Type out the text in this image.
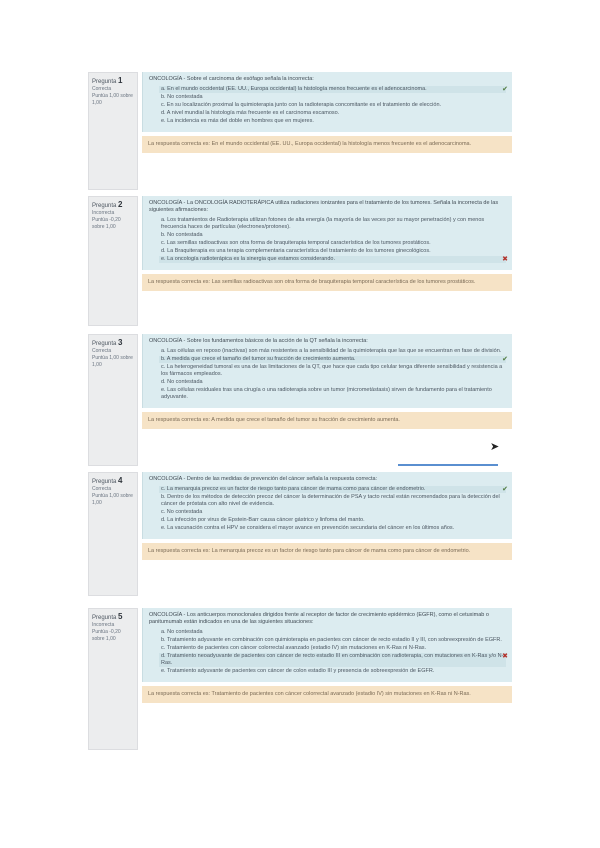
Pregunta 1
Correcta
Puntúa 1,00 sobre 1,00
ONCOLOGÍA - Sobre el carcinoma de esófago señala la incorrecta:
a. En el mundo occidental (EE. UU., Europa occidental) la histología menos frecuente es el adenocarcinoma.	✔
b. No contestada
c. En su localización proximal la quimioterapia junto con la radioterapia concomitante es el tratamiento de elección.
d. A nivel mundial la histología más frecuente es el carcinoma escamoso.
e. La incidencia es más del doble en hombres que en mujeres.
La respuesta correcta es: En el mundo occidental (EE. UU., Europa occidental) la histología menos frecuente es el adenocarcinoma.
Pregunta 2
Incorrecta
Puntúa -0,20 sobre 1,00
ONCOLOGÍA - La ONCOLOGÍA RADIOTERÁPICA utiliza radiaciones ionizantes para el tratamiento de los tumores. Señala la incorrecta de las siguientes afirmaciones:
a. Los tratamientos de Radioterapia utilizan fotones de alta energía (la mayoría de las veces por su mayor penetración) y con menos frecuencia haces de partículas (electrones/protones).
b. No contestada
c. Las semillas radioactivas son otra forma de braquiterapia temporal característica de los tumores prostáticos.
d. La Braquiterapia es una terapia complementaria característica del tratamiento de los tumores ginecológicos.
e. La oncología radioterápica es la sinergia que estamos considerando.	✖
La respuesta correcta es: Las semillas radioactivas son otra forma de braquiterapia temporal característica de los tumores prostáticos.
Pregunta 3
Correcta
Puntúa 1,00 sobre 1,00
ONCOLOGÍA - Sobre los fundamentos básicos de la acción de la QT señala la incorrecta:
a. Las células en reposo (inactivas) son más resistentes a la sensibilidad de la quimioterapia que las que se encuentran en fase de división.
b. A medida que crece el tamaño del tumor su fracción de crecimiento aumenta.	✔
c. La heterogeneidad tumoral es una de las limitaciones de la QT, que hace que cada tipo celular tenga diferente sensibilidad y resistencia a los fármacos empleados.
d. No contestada
e. Las células residuales tras una cirugía o una radioterapia sobre un tumor (micrometástasis) sirven de fundamento para el tratamiento adyuvante.
La respuesta correcta es: A medida que crece el tamaño del tumor su fracción de crecimiento aumenta.
Pregunta 4
Correcta
Puntúa 1,00 sobre 1,00
ONCOLOGÍA - Dentro de las medidas de prevención del cáncer señala la respuesta correcta:
c. La menarquia precoz es un factor de riesgo tanto para cáncer de mama como para cáncer de endometrio.	✔
b. Dentro de los métodos de detección precoz del cáncer la determinación de PSA y tacto rectal están recomendados para la detección del cáncer de próstata con alto nivel de evidencia.
c. No contestada
d. La infección por virus de Epstein-Barr causa cáncer gástrico y linfoma del manto.
e. La vacunación contra el HPV se considera el mayor avance en prevención secundaria del cáncer en los últimos años.
La respuesta correcta es: La menarquia precoz es un factor de riesgo tanto para cáncer de mama como para cáncer de endometrio.
Pregunta 5
Incorrecta
Puntúa -0,20 sobre 1,00
ONCOLOGÍA - Los anticuerpos monoclonales dirigidos frente al receptor de factor de crecimiento epidérmico (EGFR), como el cetuximab o panitumumab están indicados en una de las siguientes situaciones:
a. No contestada
b. Tratamiento adyuvante en combinación con quimioterapia en pacientes con cáncer de recto estadio II y III, con sobreexpresión de EGFR.
c. Tratamiento de pacientes con cáncer colorrectal avanzado (estadio IV) sin mutaciones en K-Ras ni N-Ras.
d. Tratamiento neoadyuvante de pacientes con cáncer de recto estadio III en combinación con radioterapia, con mutaciones en K-Ras y/o N-Ras.
✖
e. Tratamiento adyuvante de pacientes con cáncer de colon estadio III y presencia de sobreexpresión de EGFR.
La respuesta correcta es: Tratamiento de pacientes con cáncer colorrectal avanzado (estadio IV) sin mutaciones en K-Ras ni N-Ras.
➤
